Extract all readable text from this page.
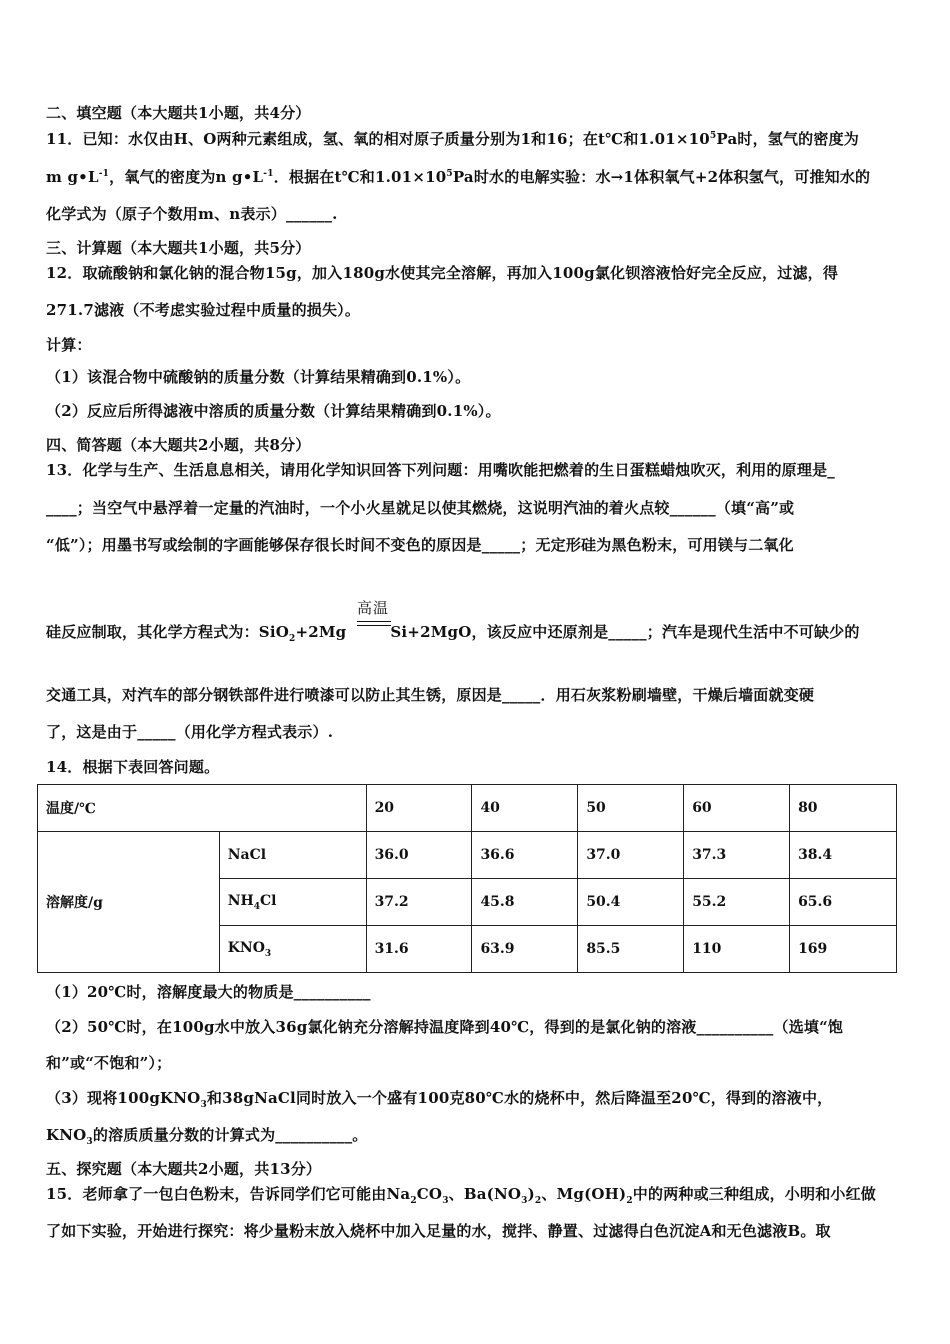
二、填空题（本大题共1小题，共4分）
11．已知：水仅由H、O两种元素组成，氢、氧的相对原子质量分别为1和16；在t℃和$1.01\times 10^5Pa$时，氢气的密度为
m $g•L^{-1}$，氧气的密度为n $g•L^{-1}$．根据在t℃和$1.01\times 10^5Pa$时水的电解实验：水→1体积氧气+2体积氢气，可推知水的
化学式为（原子个数用m、n表示）______.
三、计算题（本大题共1小题，共5分）
12．取硫酸钠和氯化钠的混合物15g，加入180g水使其完全溶解，再加入100g氯化钡溶液恰好完全反应，过滤，得
271.7滤液（不考虑实验过程中质量的损失）。
计算：
（1）该混合物中硫酸钠的质量分数（计算结果精确到0.1%）。
（2）反应后所得滤液中溶质的质量分数（计算结果精确到0.1%）。
四、简答题（本大题共2小题，共8分）
13．化学与生产、生活息息相关，请用化学知识回答下列问题：用嘴吹能把燃着的生日蛋糕蜡烛吹灭，利用的原理是_
____；当空气中悬浮着一定量的汽油时，一个小火星就足以使其燃烧，这说明汽油的着火点较______（填“高”或
“低”）；用墨书写或绘制的字画能够保存很长时间不变色的原因是_____；无定形硅为黑色粉末，可用镁与二氧化
高温
硅反应制取，其化学方程式为：SiO$_2$+2Mg	Si+2MgO，该反应中还原剂是_____；汽车是现代生活中不可缺少的
交通工具，对汽车的部分钢铁部件进行喷漆可以防止其生锈，原因是_____．用石灰浆粉刷墙壁，干燥后墙面就变硬
了，这是由于_____（用化学方程式表示）.
14．根据下表回答问题。
温度/℃		20	40	50	60	80
溶解度/g	NaCl	36.0	36.6	37.0	37.3	38.4
	$NH_4Cl$	37.2	45.8	50.4	55.2	65.6
	$KNO_3$	31.6	63.9	85.5	110	169
（1）20℃时，溶解度最大的物质是__________
（2）50℃时，在100g水中放入36g氯化钠充分溶解持温度降到40℃，得到的是氯化钠的溶液__________（选填“饱
和”或“不饱和”）；
（3）现将100gKNO$_3$和38gNaCl同时放入一个盛有100克80℃水的烧杯中，然后降温至20℃，得到的溶液中，
$KNO_3$的溶质质量分数的计算式为__________。
五、探究题（本大题共2小题，共13分）
15．老师拿了一包白色粉末，告诉同学们它可能由$Na_2CO_3$、$Ba(NO_3)_2$、$Mg(OH)_2$中的两种或三种组成，小明和小红做
了如下实验，开始进行探究：将少量粉末放入烧杯中加入足量的水，搅拌、静置、过滤得白色沉淀A和无色滤液B。取
